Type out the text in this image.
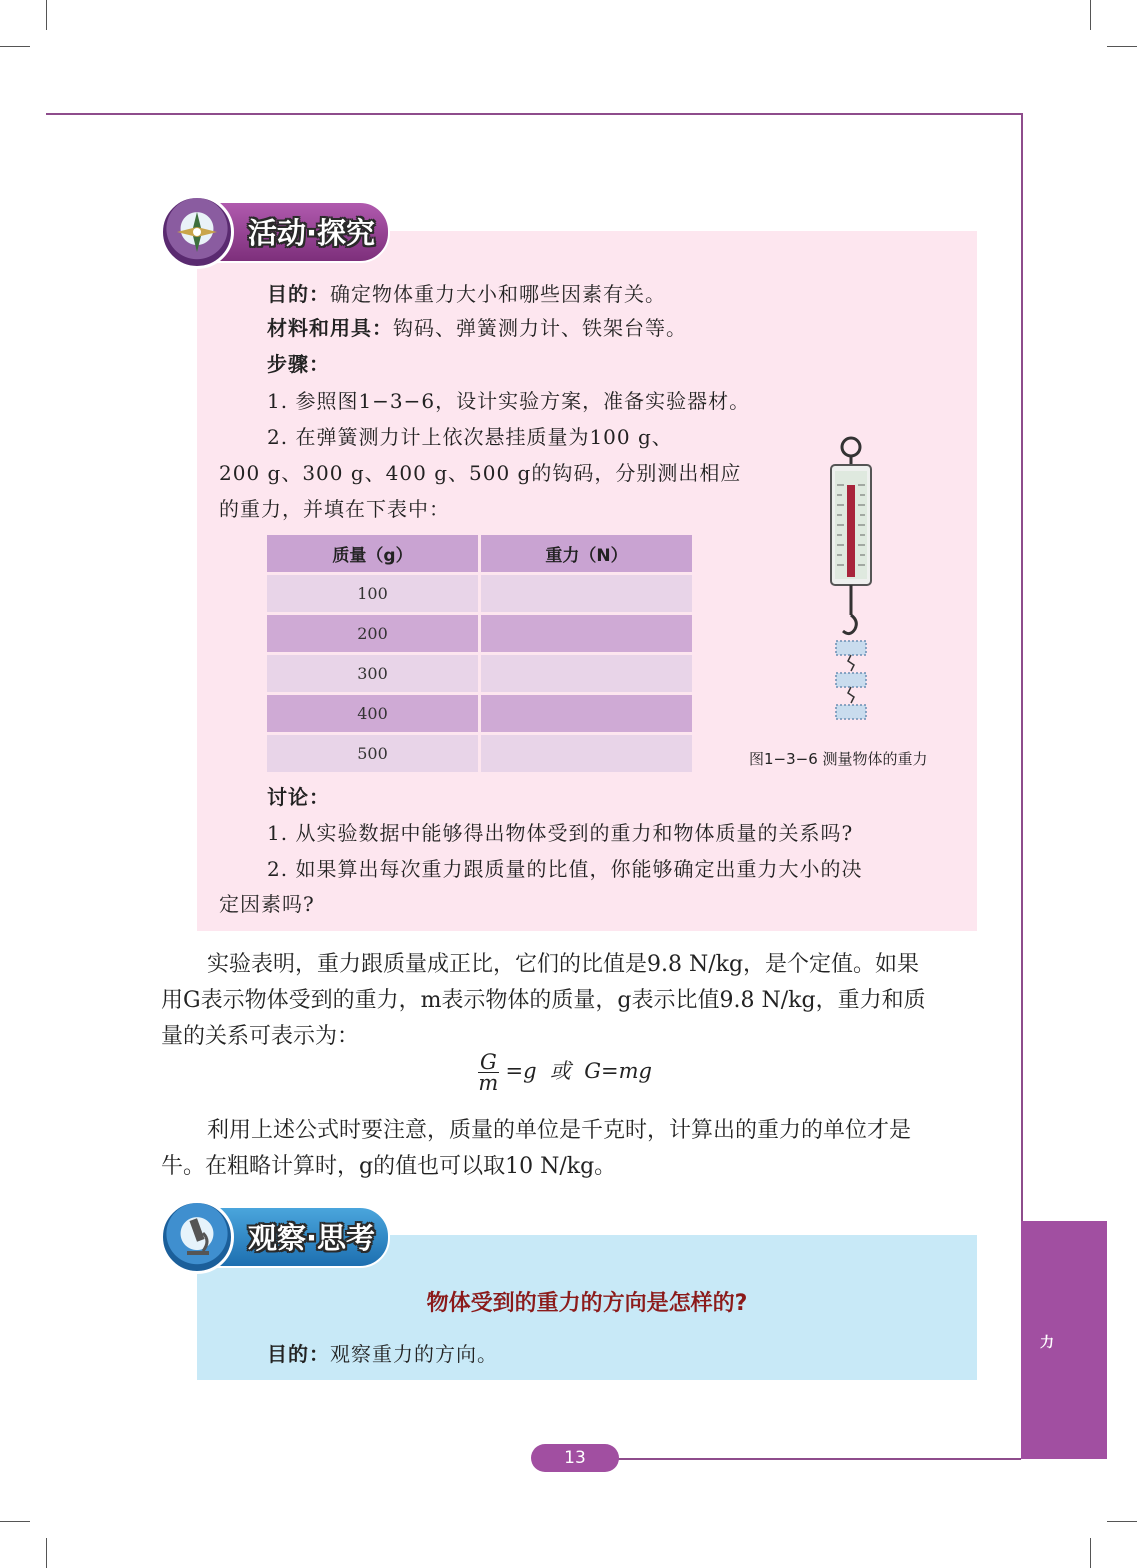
活动·探究
目的：确定物体重力大小和哪些因素有关。
材料和用具：钩码、弹簧测力计、铁架台等。
步骤：
1. 参照图1−3−6，设计实验方案，准备实验器材。
2. 在弹簧测力计上依次悬挂质量为100 g、
200 g、300 g、400 g、500 g的钩码，分别测出相应
的重力，并填在下表中：
质量（g）	重力（N）
100	
200	
300	
400	
500		图1−3−6 测量物体的重力
讨论：
1. 从实验数据中能够得出物体受到的重力和物体质量的关系吗?
2. 如果算出每次重力跟质量的比值，你能够确定出重力大小的决
定因素吗?
实验表明，重力跟质量成正比，它们的比值是9.8 N/kg，是个定值。如果
用G表示物体受到的重力，m表示物体的质量，g表示比值9.8 N/kg，重力和质
量的关系可表示为：
$\frac{G}{m} =g$  或  G=mg
利用上述公式时要注意，质量的单位是千克时，计算出的重力的单位才是
牛。在粗略计算时，g的值也可以取10 N/kg。
观察·思考
物体受到的重力的方向是怎样的?
目的：观察重力的方向。	力
13
